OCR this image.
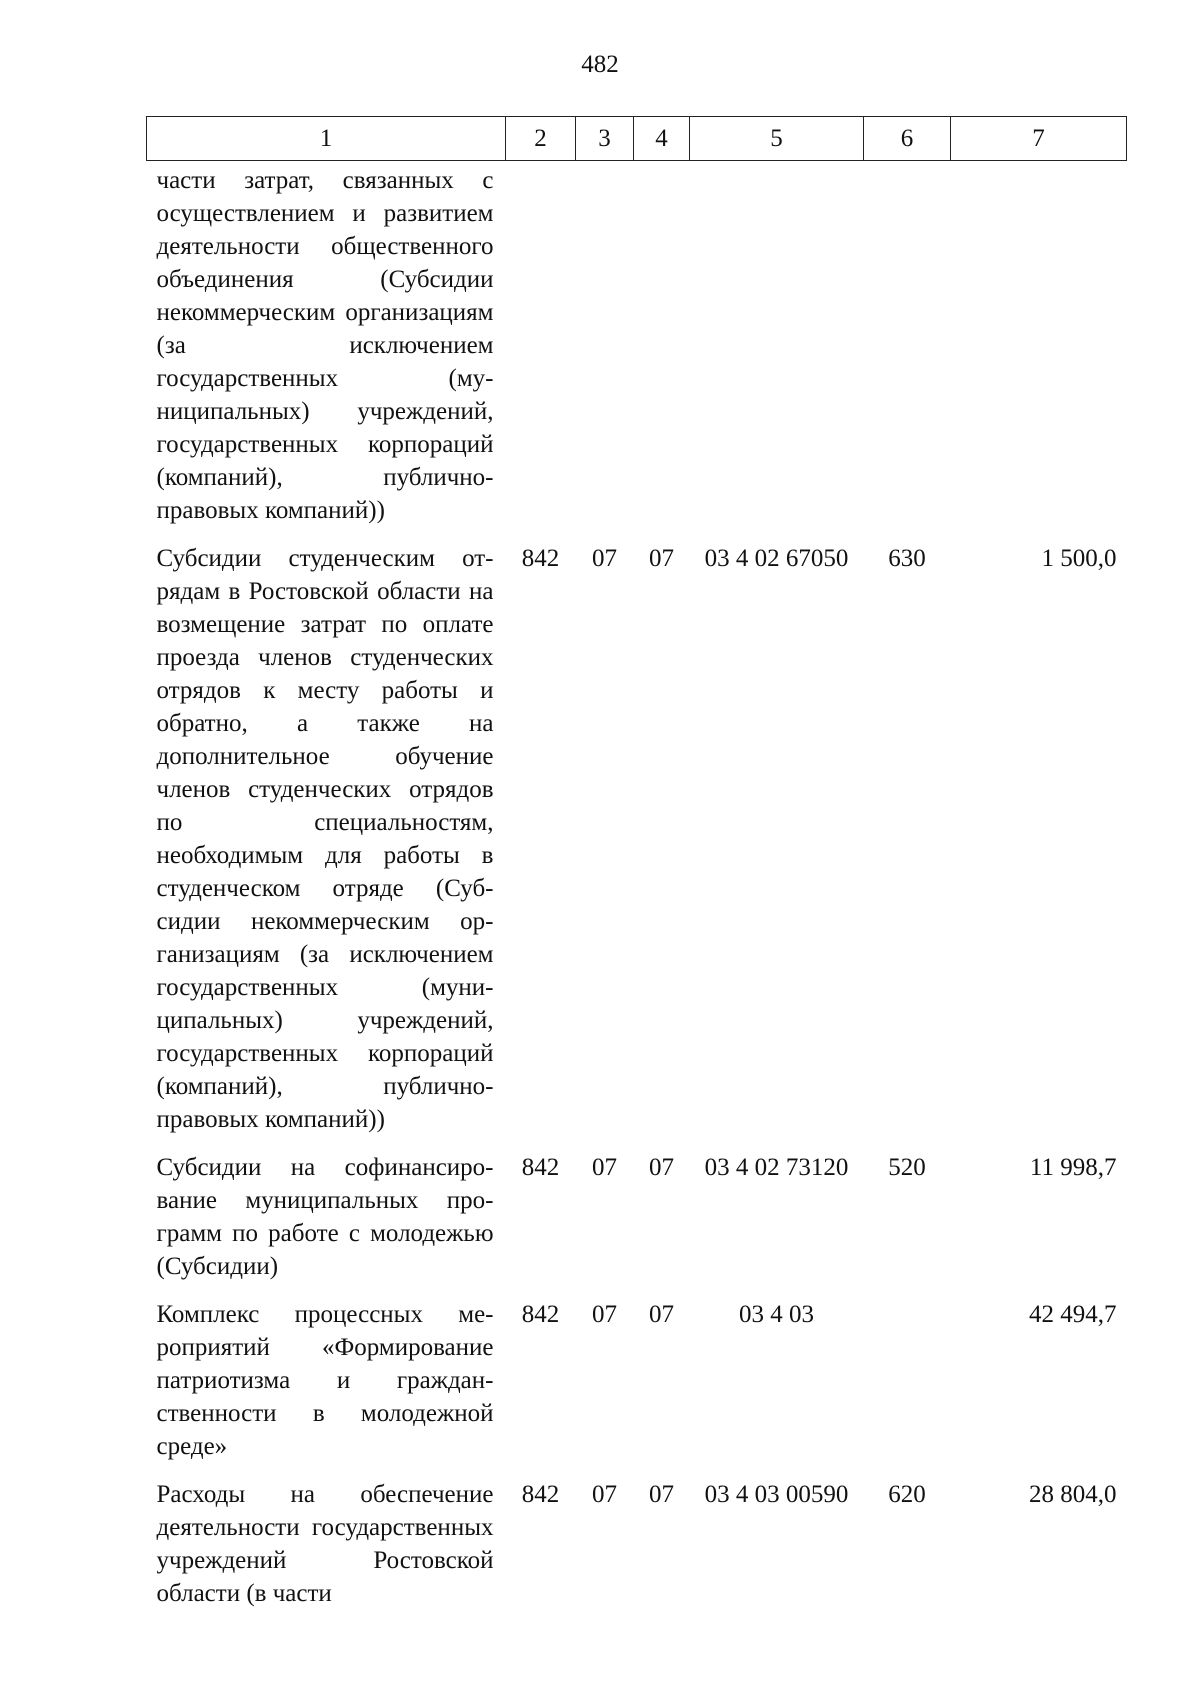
482
1	2	3	4	5	6	7
части затрат, связанных с осуществлением и развитием деятельности общественного объединения (Субсидии некоммерческим организациям (за исключением государственных (муниципальных) учреждений, государственных корпораций (компаний), публично-правовых компаний))						
Субсидии студенческим отрядам в Ростовской области на возмещение затрат по оплате проезда членов студенческих отрядов к месту работы и обратно, а также на дополнительное обучение членов студенческих отрядов по специальностям, необходимым для работы в студенческом отряде (Субсидии некоммерческим организациям (за исключением государственных (муниципальных) учреждений, государственных корпораций (компаний), публично-правовых компаний))	842	07	07	03 4 02 67050	630	1 500,0
Субсидии на софинансирование муниципальных программ по работе с молодежью (Субсидии)	842	07	07	03 4 02 73120	520	11 998,7
Комплекс процессных мероприятий «Формирование патриотизма и гражданственности в молодежной среде»	842	07	07	03 4 03		42 494,7
Расходы на обеспечение деятельности государственных учреждений Ростовской области (в части	842	07	07	03 4 03 00590	620	28 804,0
